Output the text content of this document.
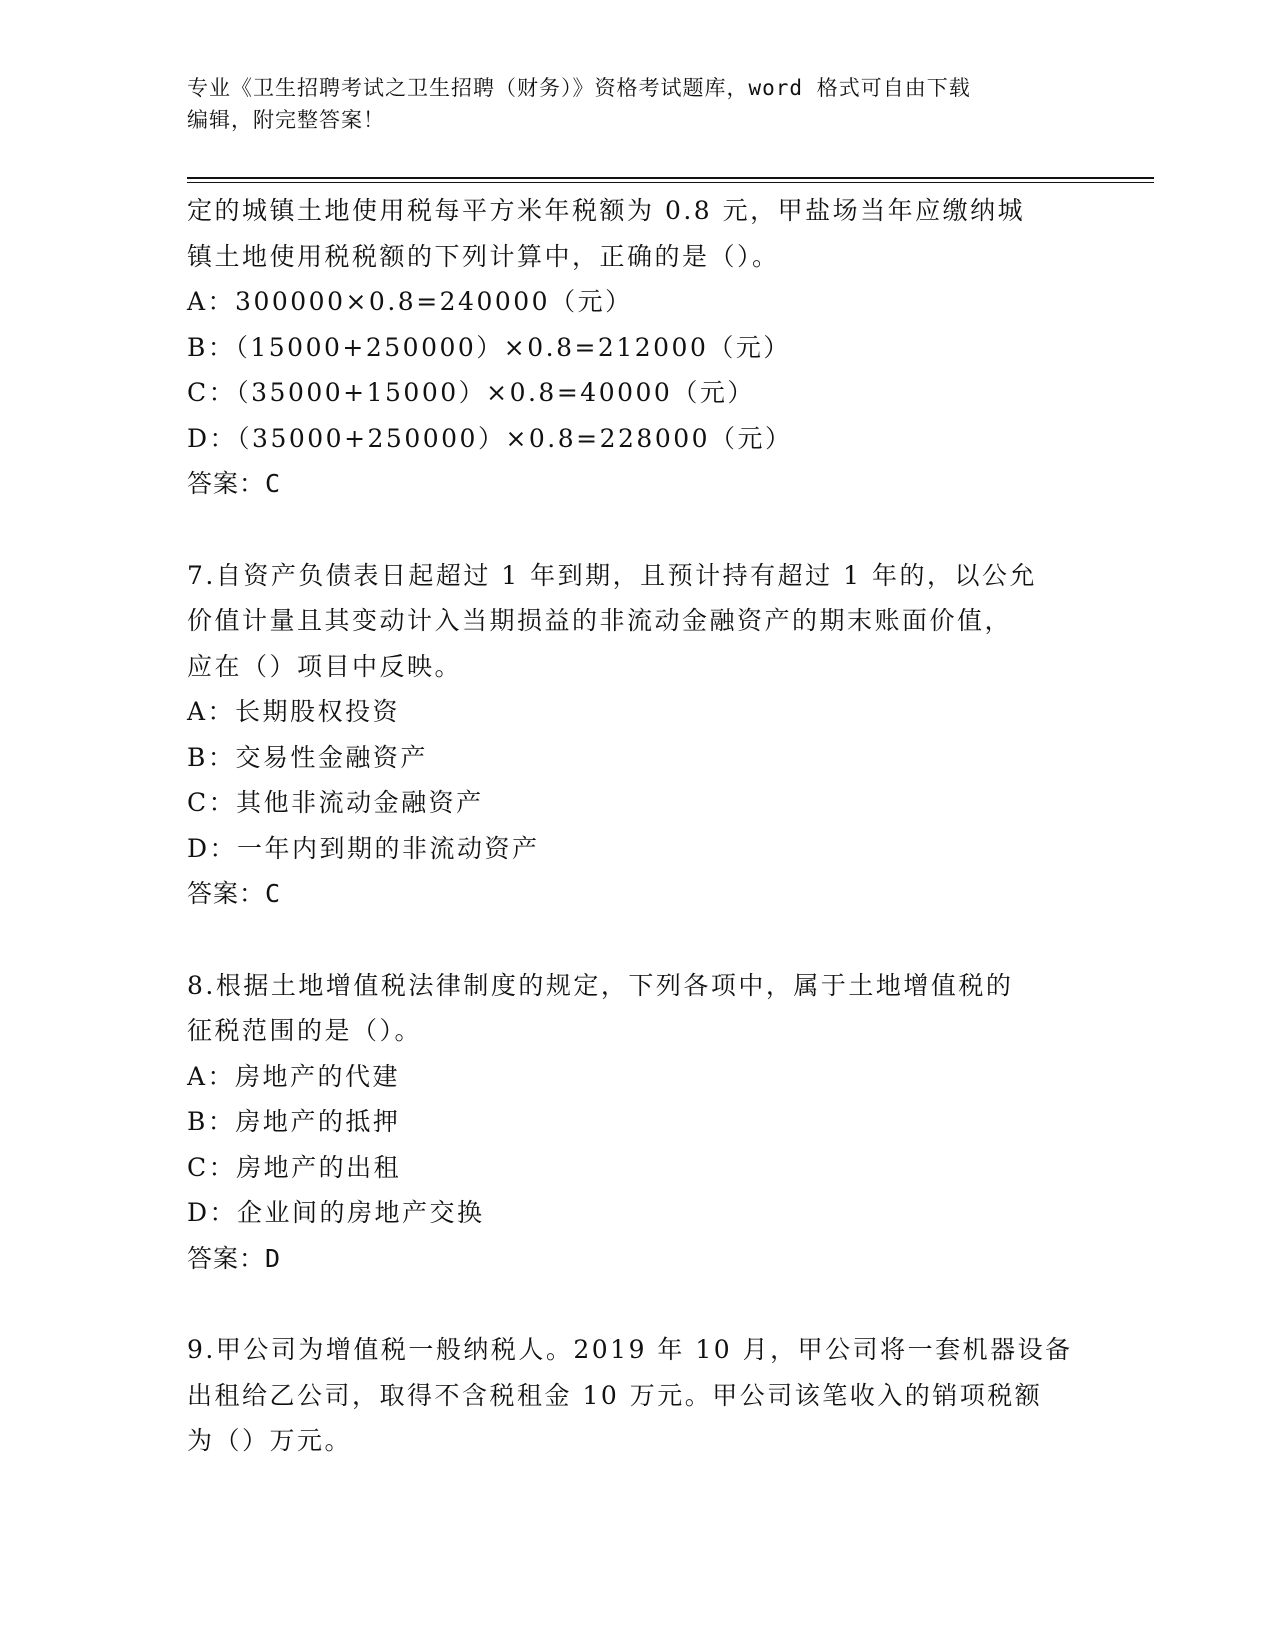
专业《卫生招聘考试之卫生招聘（财务）》资格考试题库，word 格式可自由下载
编辑，附完整答案！
定的城镇土地使用税每平方米年税额为 0.8 元，甲盐场当年应缴纳城
镇土地使用税税额的下列计算中，正确的是（）。
A：300000×0.8=240000（元）
B：（15000+250000）×0.8=212000（元）
C：（35000+15000）×0.8=40000（元）
D：（35000+250000）×0.8=228000（元）
答案：C
7.自资产负债表日起超过 1 年到期，且预计持有超过 1 年的，以公允
价值计量且其变动计入当期损益的非流动金融资产的期末账面价值，
应在（）项目中反映。
A：长期股权投资
B：交易性金融资产
C：其他非流动金融资产
D：一年内到期的非流动资产
答案：C
8.根据土地增值税法律制度的规定，下列各项中，属于土地增值税的
征税范围的是（）。
A：房地产的代建
B：房地产的抵押
C：房地产的出租
D：企业间的房地产交换
答案：D
9.甲公司为增值税一般纳税人。2019 年 10 月，甲公司将一套机器设备
出租给乙公司，取得不含税租金 10 万元。甲公司该笔收入的销项税额
为（）万元。
